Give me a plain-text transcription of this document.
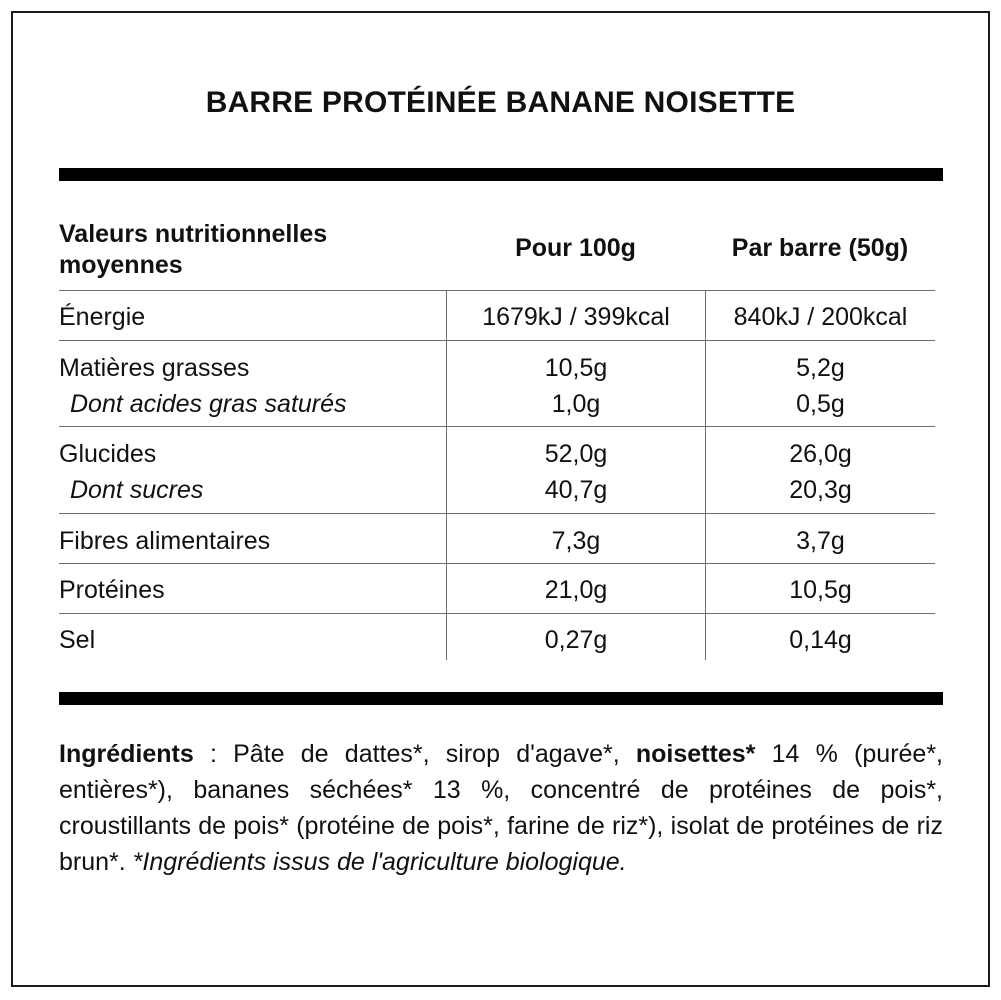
BARRE PROTÉINÉE BANANE NOISETTE
Valeurs nutritionnelles
moyennes
Pour 100g	Par barre (50g)
Énergie	1679kJ / 399kcal	840kJ / 200kcal
Matières grasses	10,5g	5,2g
Dont acides gras saturés	1,0g	0,5g
Glucides	52,0g	26,0g
Dont sucres	40,7g	20,3g
Fibres alimentaires	7,3g	3,7g
Protéines	21,0g	10,5g
Sel	0,27g	0,14g
Ingrédients : Pâte de dattes*, sirop d'agave*, noisettes* 14 % (purée*, entières*), bananes séchées* 13 %, concentré de protéines de pois*, croustillants de pois* (protéine de pois*, farine de riz*), isolat de protéines de riz brun*. *Ingrédients issus de l'agriculture biologique.
